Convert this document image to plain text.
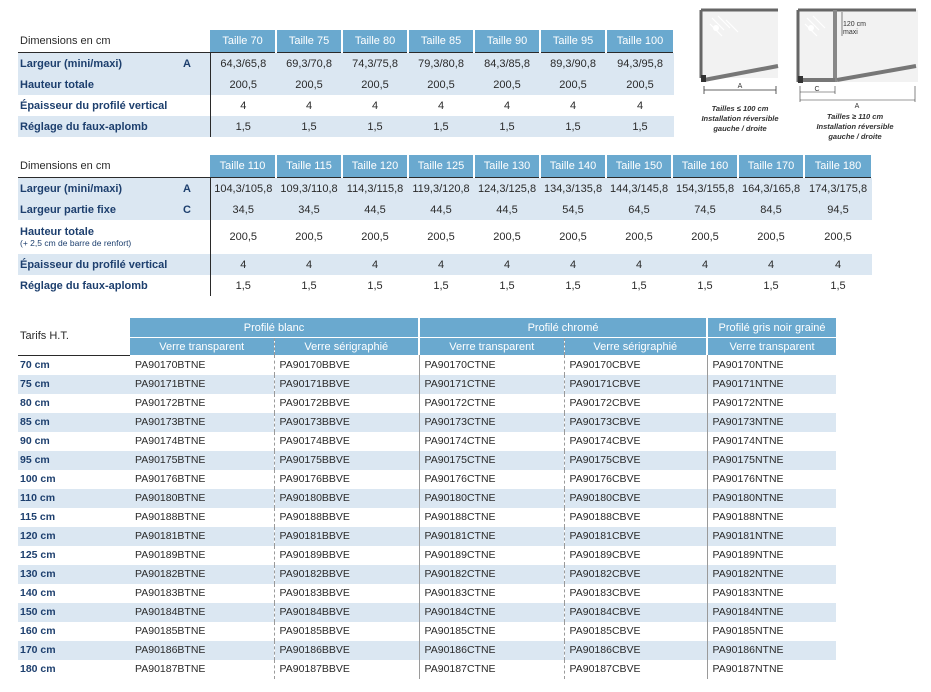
Dimensions en cm		Taille 70	Taille 75	Taille 80	Taille 85	Taille 90	Taille 95	Taille 100
Largeur (mini/maxi)	A	64,3/65,8	69,3/70,8	74,3/75,8	79,3/80,8	84,3/85,8	89,3/90,8	94,3/95,8
Hauteur totale		200,5	200,5	200,5	200,5	200,5	200,5	200,5
Épaisseur du profilé vertical		4	4	4	4	4	4	4
Réglage du faux-aplomb		1,5	1,5	1,5	1,5	1,5	1,5	1,5
A
Tailles ≤ 100 cm
Installation réversible
gauche / droite
120 cm
maxi
C
A
Tailles ≥ 110 cm
Installation réversible
gauche / droite
Dimensions en cm		Taille 110	Taille 115	Taille 120	Taille 125	Taille 130	Taille 140	Taille 150	Taille 160	Taille 170	Taille 180
Largeur (mini/maxi)	A	104,3/105,8	109,3/110,8	114,3/115,8	119,3/120,8	124,3/125,8	134,3/135,8	144,3/145,8	154,3/155,8	164,3/165,8	174,3/175,8
Largeur partie fixe	C	34,5	34,5	44,5	44,5	44,5	54,5	64,5	74,5	84,5	94,5
Hauteur totale
(+ 2,5 cm de barre de renfort)		200,5	200,5	200,5	200,5	200,5	200,5	200,5	200,5	200,5	200,5
Épaisseur du profilé vertical		4	4	4	4	4	4	4	4	4	4
Réglage du faux-aplomb		1,5	1,5	1,5	1,5	1,5	1,5	1,5	1,5	1,5	1,5
Tarifs H.T.	Profilé blanc		Profilé chromé		Profilé gris noir grainé
	Verre transparent	Verre sérigraphié	Verre transparent	Verre sérigraphié	Verre transparent
70 cm	PA90170BTNE	PA90170BBVE	PA90170CTNE	PA90170CBVE	PA90170NTNE
75 cm	PA90171BTNE	PA90171BBVE	PA90171CTNE	PA90171CBVE	PA90171NTNE
80 cm	PA90172BTNE	PA90172BBVE	PA90172CTNE	PA90172CBVE	PA90172NTNE
85 cm	PA90173BTNE	PA90173BBVE	PA90173CTNE	PA90173CBVE	PA90173NTNE
90 cm	PA90174BTNE	PA90174BBVE	PA90174CTNE	PA90174CBVE	PA90174NTNE
95 cm	PA90175BTNE	PA90175BBVE	PA90175CTNE	PA90175CBVE	PA90175NTNE
100 cm	PA90176BTNE	PA90176BBVE	PA90176CTNE	PA90176CBVE	PA90176NTNE
110 cm	PA90180BTNE	PA90180BBVE	PA90180CTNE	PA90180CBVE	PA90180NTNE
115 cm	PA90188BTNE	PA90188BBVE	PA90188CTNE	PA90188CBVE	PA90188NTNE
120 cm	PA90181BTNE	PA90181BBVE	PA90181CTNE	PA90181CBVE	PA90181NTNE
125 cm	PA90189BTNE	PA90189BBVE	PA90189CTNE	PA90189CBVE	PA90189NTNE
130 cm	PA90182BTNE	PA90182BBVE	PA90182CTNE	PA90182CBVE	PA90182NTNE
140 cm	PA90183BTNE	PA90183BBVE	PA90183CTNE	PA90183CBVE	PA90183NTNE
150 cm	PA90184BTNE	PA90184BBVE	PA90184CTNE	PA90184CBVE	PA90184NTNE
160 cm	PA90185BTNE	PA90185BBVE	PA90185CTNE	PA90185CBVE	PA90185NTNE
170 cm	PA90186BTNE	PA90186BBVE	PA90186CTNE	PA90186CBVE	PA90186NTNE
180 cm	PA90187BTNE	PA90187BBVE	PA90187CTNE	PA90187CBVE	PA90187NTNE
